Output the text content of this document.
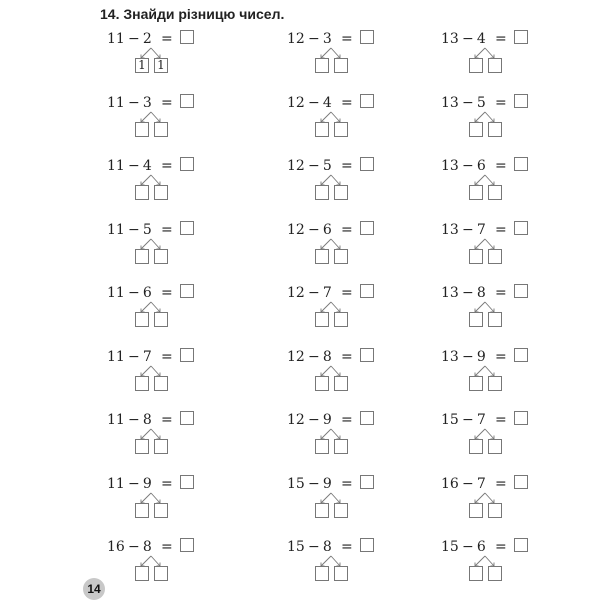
14. Знайди різницю чисел.
11 − 2 =
1 1
11 − 3 =
11 − 4 =
11 − 5 =
11 − 6 =
11 − 7 =
11 − 8 =
11 − 9 =
16 − 8 =
12 − 3 =
12 − 4 =
12 − 5 =
12 − 6 =
12 − 7 =
12 − 8 =
12 − 9 =
15 − 9 =
15 − 8 =
13 − 4 =
13 − 5 =
13 − 6 =
13 − 7 =
13 − 8 =
13 − 9 =
15 − 7 =
16 − 7 =
15 − 6 =
14
